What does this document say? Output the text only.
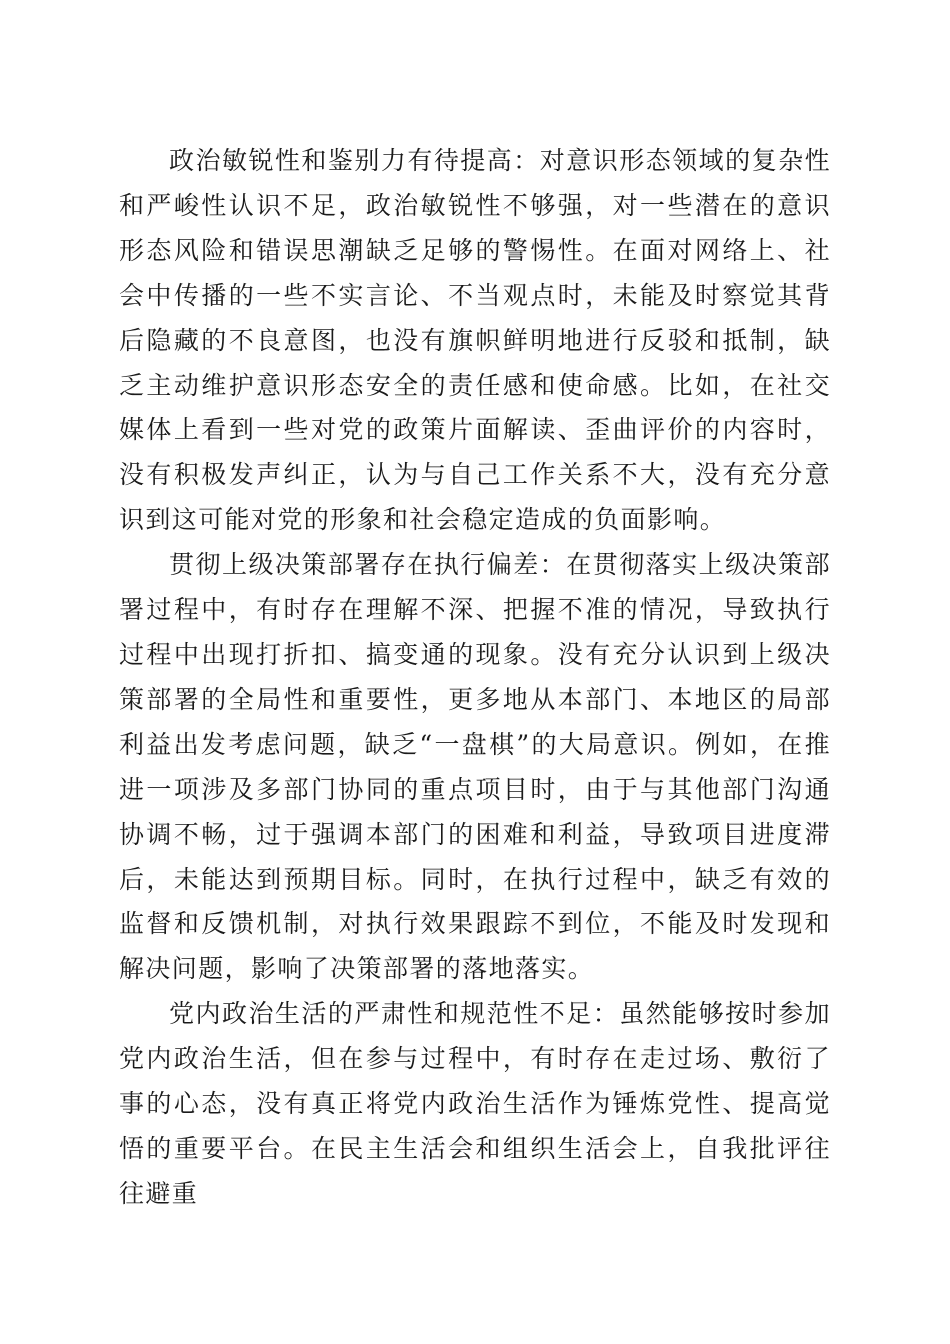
政治敏锐性和鉴别力有待提高：对意识形态领域的复杂性和严峻性认识不足，政治敏锐性不够强，对一些潜在的意识形态风险和错误思潮缺乏足够的警惕性。在面对网络上、社会中传播的一些不实言论、不当观点时，未能及时察觉其背后隐藏的不良意图，也没有旗帜鲜明地进行反驳和抵制，缺乏主动维护意识形态安全的责任感和使命感。比如，在社交媒体上看到一些对党的政策片面解读、歪曲评价的内容时，没有积极发声纠正，认为与自己工作关系不大，没有充分意识到这可能对党的形象和社会稳定造成的负面影响。

贯彻上级决策部署存在执行偏差：在贯彻落实上级决策部署过程中，有时存在理解不深、把握不准的情况，导致执行过程中出现打折扣、搞变通的现象。没有充分认识到上级决策部署的全局性和重要性，更多地从本部门、本地区的局部利益出发考虑问题，缺乏“一盘棋”的大局意识。例如，在推进一项涉及多部门协同的重点项目时，由于与其他部门沟通协调不畅，过于强调本部门的困难和利益，导致项目进度滞后，未能达到预期目标。同时，在执行过程中，缺乏有效的监督和反馈机制，对执行效果跟踪不到位，不能及时发现和解决问题，影响了决策部署的落地落实。

党内政治生活的严肃性和规范性不足：虽然能够按时参加党内政治生活，但在参与过程中，有时存在走过场、敷衍了事的心态，没有真正将党内政治生活作为锤炼党性、提高觉悟的重要平台。在民主生活会和组织生活会上，自我批评往往避重
